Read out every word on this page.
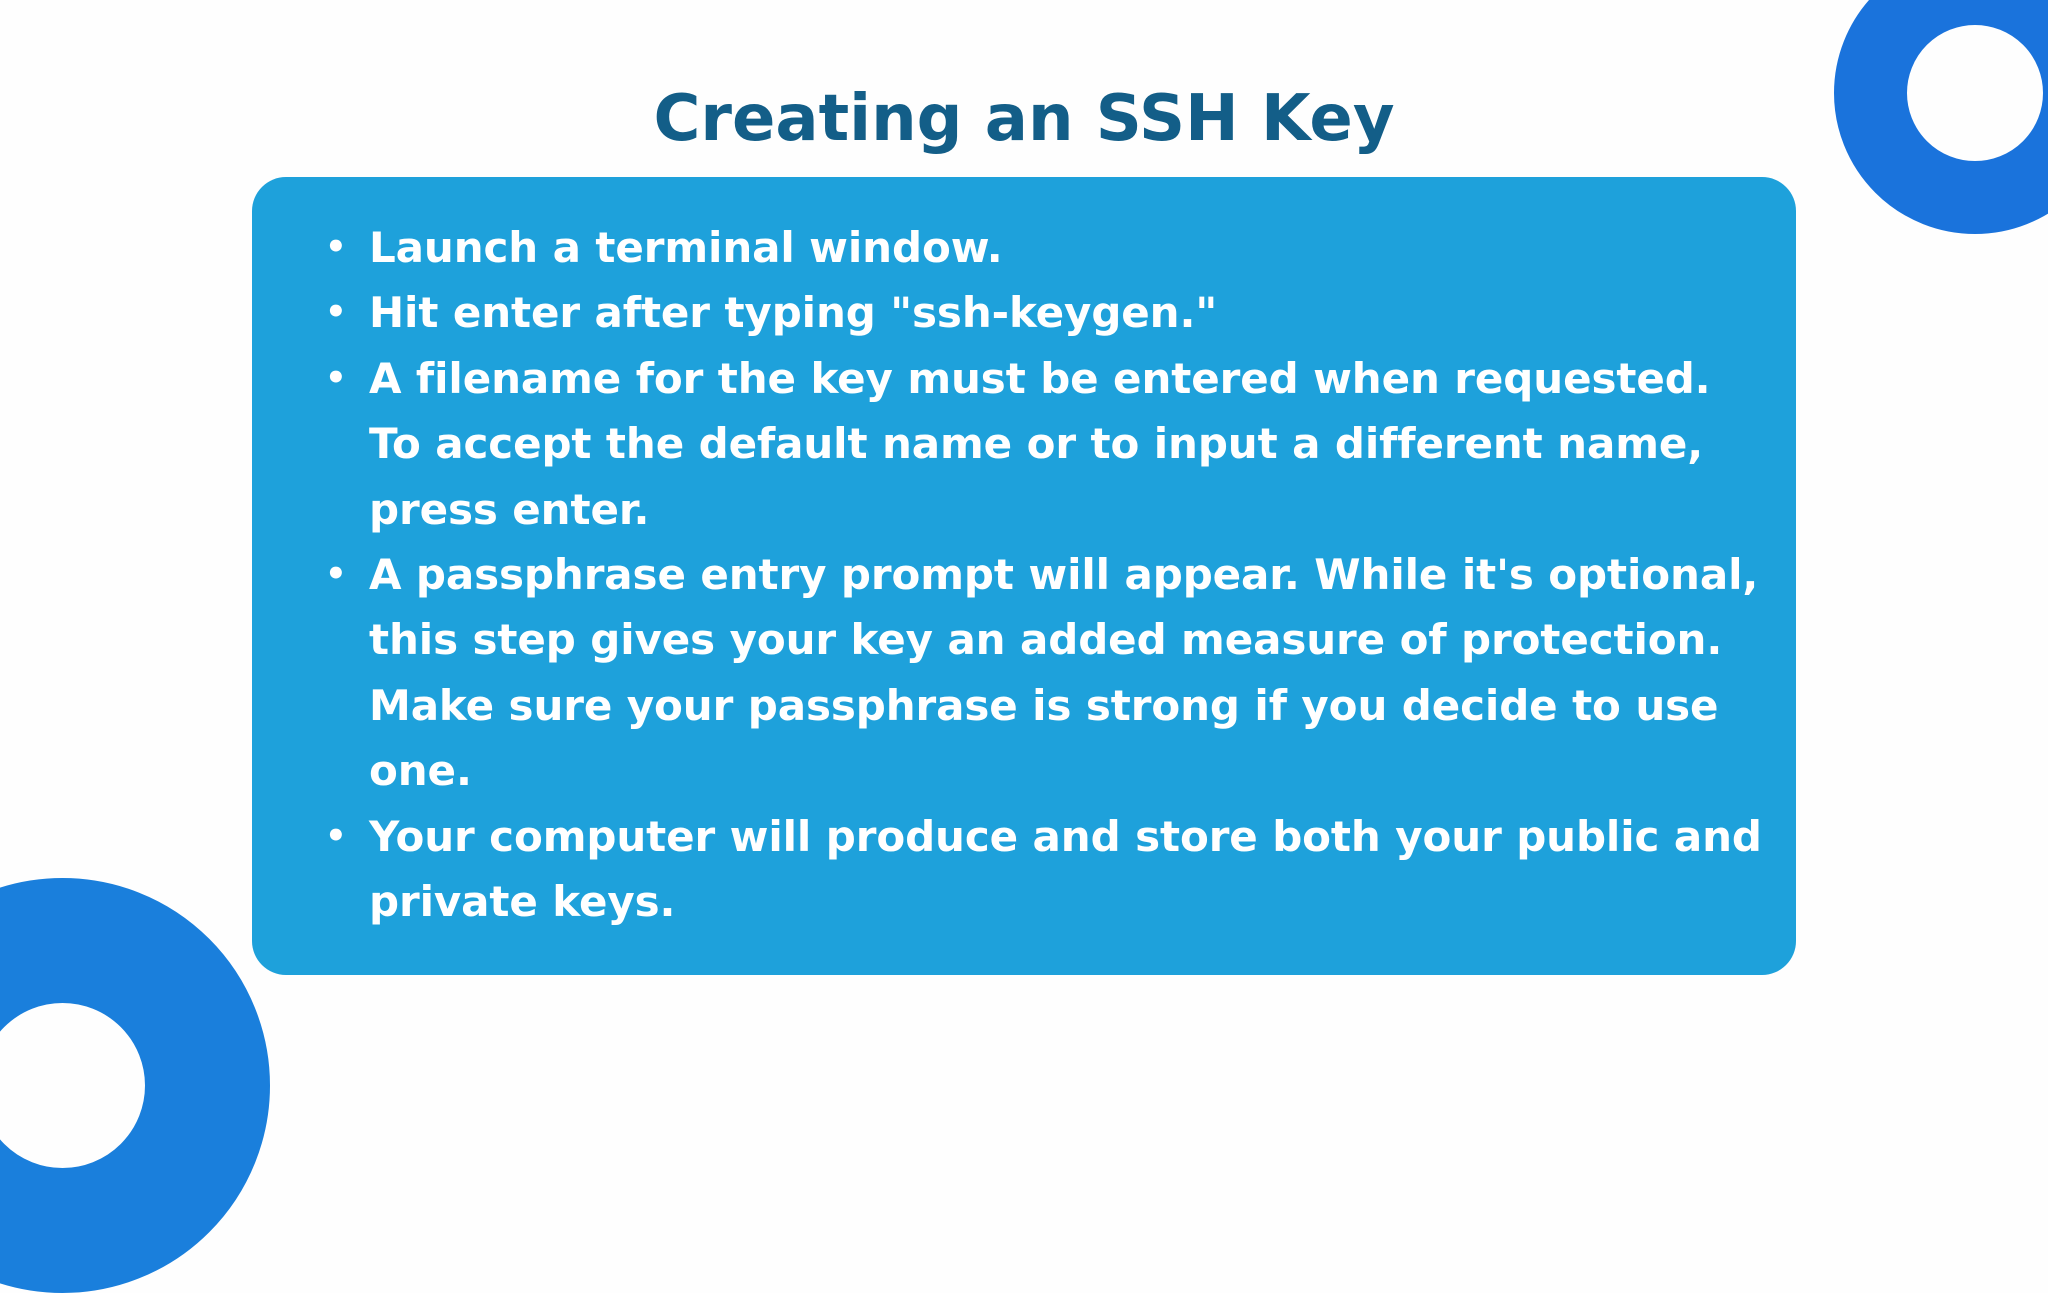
Creating an SSH Key
• Launch a terminal window.
• Hit enter after typing "ssh-keygen."
• A filename for the key must be entered when requested. To accept the default name or to input a different name, press enter.
• A passphrase entry prompt will appear. While it's optional, this step gives your key an added measure of protection. Make sure your passphrase is strong if you decide to use one.
• Your computer will produce and store both your public and private keys.
